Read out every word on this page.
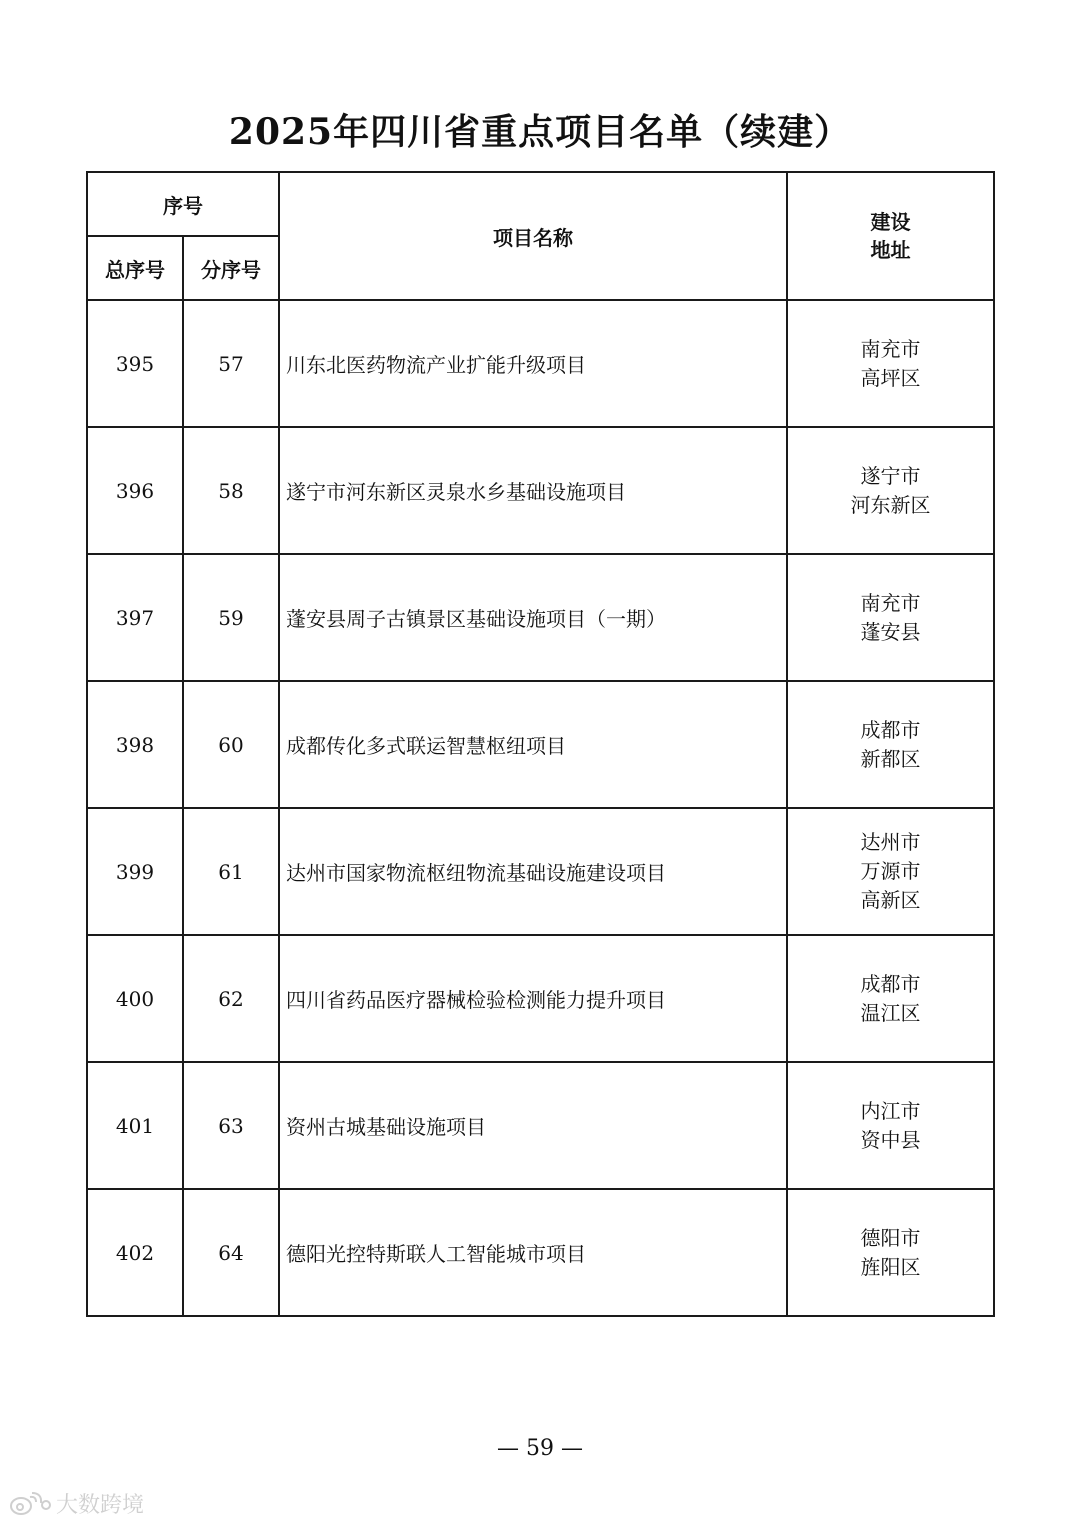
2025年四川省重点项目名单（续建）
序号		项目名称	建设
地址
总序号	分序号		
395	57	川东北医药物流产业扩能升级项目	南充市
高坪区

396	58	遂宁市河东新区灵泉水乡基础设施项目	遂宁市
河东新区

397	59	蓬安县周子古镇景区基础设施项目（一期）	南充市
蓬安县

398	60	成都传化多式联运智慧枢纽项目	成都市
新都区

399	61	达州市国家物流枢纽物流基础设施建设项目	达州市
万源市
高新区

400	62	四川省药品医疗器械检验检测能力提升项目	成都市
温江区

401	63	资州古城基础设施项目	内江市
资中县

402	64	德阳光控特斯联人工智能城市项目	德阳市
旌阳区
— 59 —
大数跨境
